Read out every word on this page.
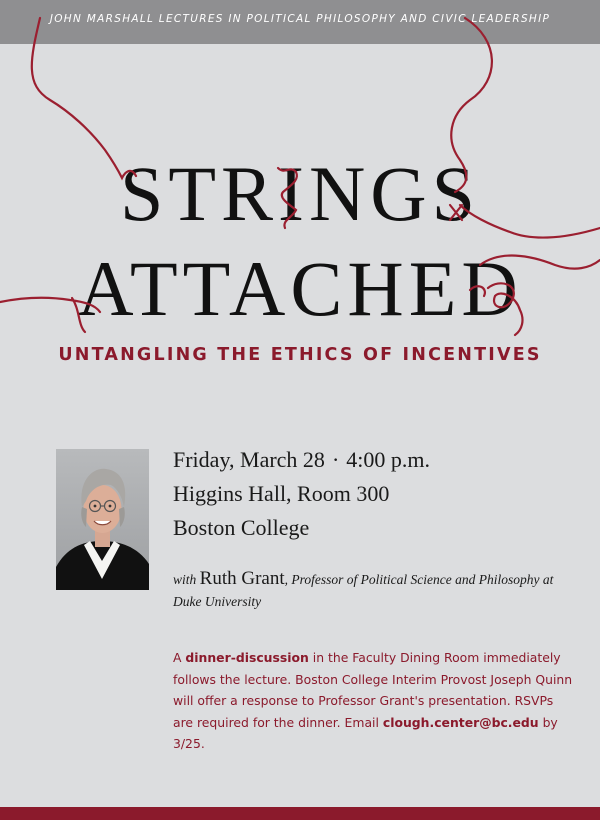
JOHN MARSHALL LECTURES IN POLITICAL PHILOSOPHY AND CIVIC LEADERSHIP
STRINGS
ATTACHED
UNTANGLING THE ETHICS OF INCENTIVES
Friday, March 28 · 4:00 p.m.
Higgins Hall, Room 300
Boston College
with Ruth Grant, Professor of Political Science and Philosophy at Duke University
A dinner-discussion in the Faculty Dining Room immediately follows the lecture. Boston College Interim Provost Joseph Quinn will offer a response to Professor Grant's presentation. RSVPs are required for the dinner. Email clough.center@bc.edu by 3/25.
